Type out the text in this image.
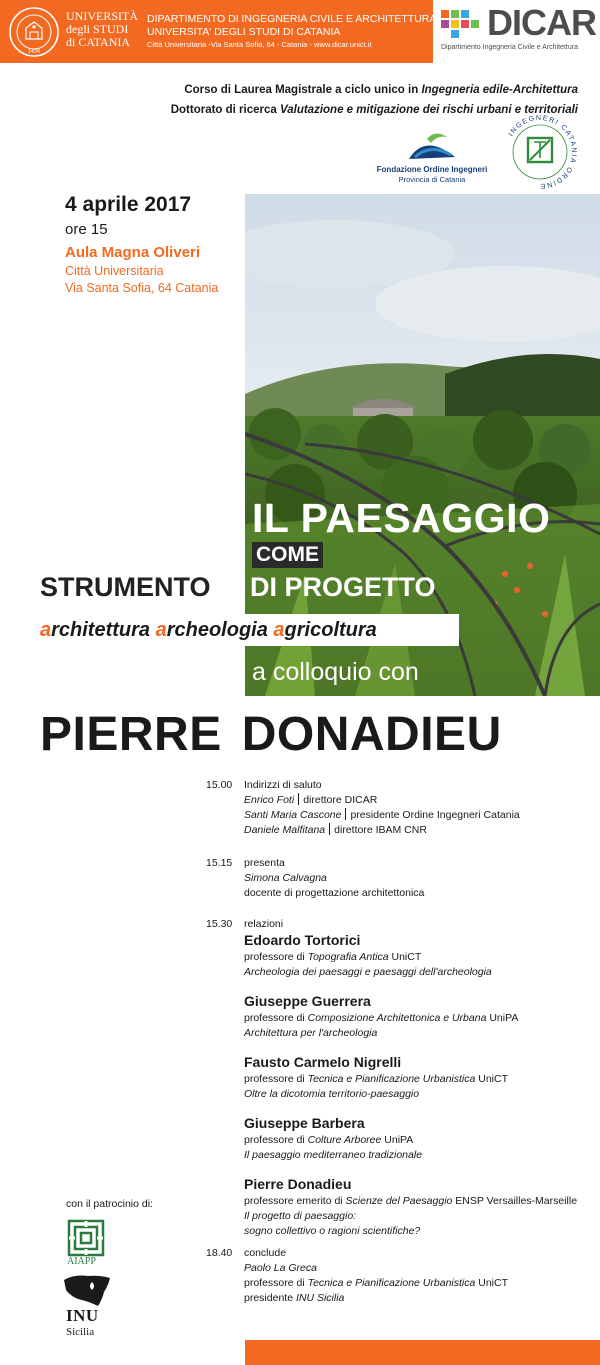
1434
UNIVERSITÀ
degli STUDI
di CATANIA
DIPARTIMENTO DI INGEGNERIA CIVILE E ARCHITETTURA
UNIVERSITA' DEGLI STUDI DI CATANIA
Città Universitaria -Via Santa Sofia, 64 - Catania - www.dicar.unict.it
DICAR
Dipartimento Ingegneria Civile e Architettura
Corso di Laurea Magistrale a ciclo unico in Ingegneria edile-Architettura
Dottorato di ricerca Valutazione e mitigazione dei rischi urbani e territoriali
Fondazione Ordine Ingegneri
Provincia di Catania
INGEGNERI CATANIA ORDINE
4 aprile 2017
ore 15
Aula Magna Oliveri
Città Universitaria
Via Santa Sofia, 64 Catania
IL PAESAGGIO
COME
STRUMENTO DI PROGETTO
architettura archeologia agricoltura
a colloquio con
PIERRE DONADIEU
15.00	Indirizzi di saluto
Enrico Foti direttore DICAR
Santi Maria Cascone presidente Ordine Ingegneri Catania
Daniele Malfitana direttore IBAM CNR
15.15	presenta
Simona Calvagna
docente di progettazione architettonica
15.30	relazioni
Edoardo Tortorici
professore di Topografia Antica UniCT
Archeologia dei paesaggi e paesaggi dell'archeologia
Giuseppe Guerrera
professore di Composizione Architettonica e Urbana UniPA
Architettura per l'archeologia
Fausto Carmelo Nigrelli
professore di Tecnica e Pianificazione Urbanistica UniCT
Oltre la dicotomia territorio-paesaggio
Giuseppe Barbera
professore di Colture Arboree UniPA
Il paesaggio mediterraneo tradizionale
Pierre Donadieu
professore emerito di Scienze del Paesaggio ENSP Versailles-Marseille
Il progetto di paesaggio:
sogno collettivo o ragioni scientifiche?
18.40	conclude
Paolo La Greca
professore di Tecnica e Pianificazione Urbanistica UniCT
presidente INU Sicilia
con il patrocinio di:
AIAPP
INU
Sicilia
